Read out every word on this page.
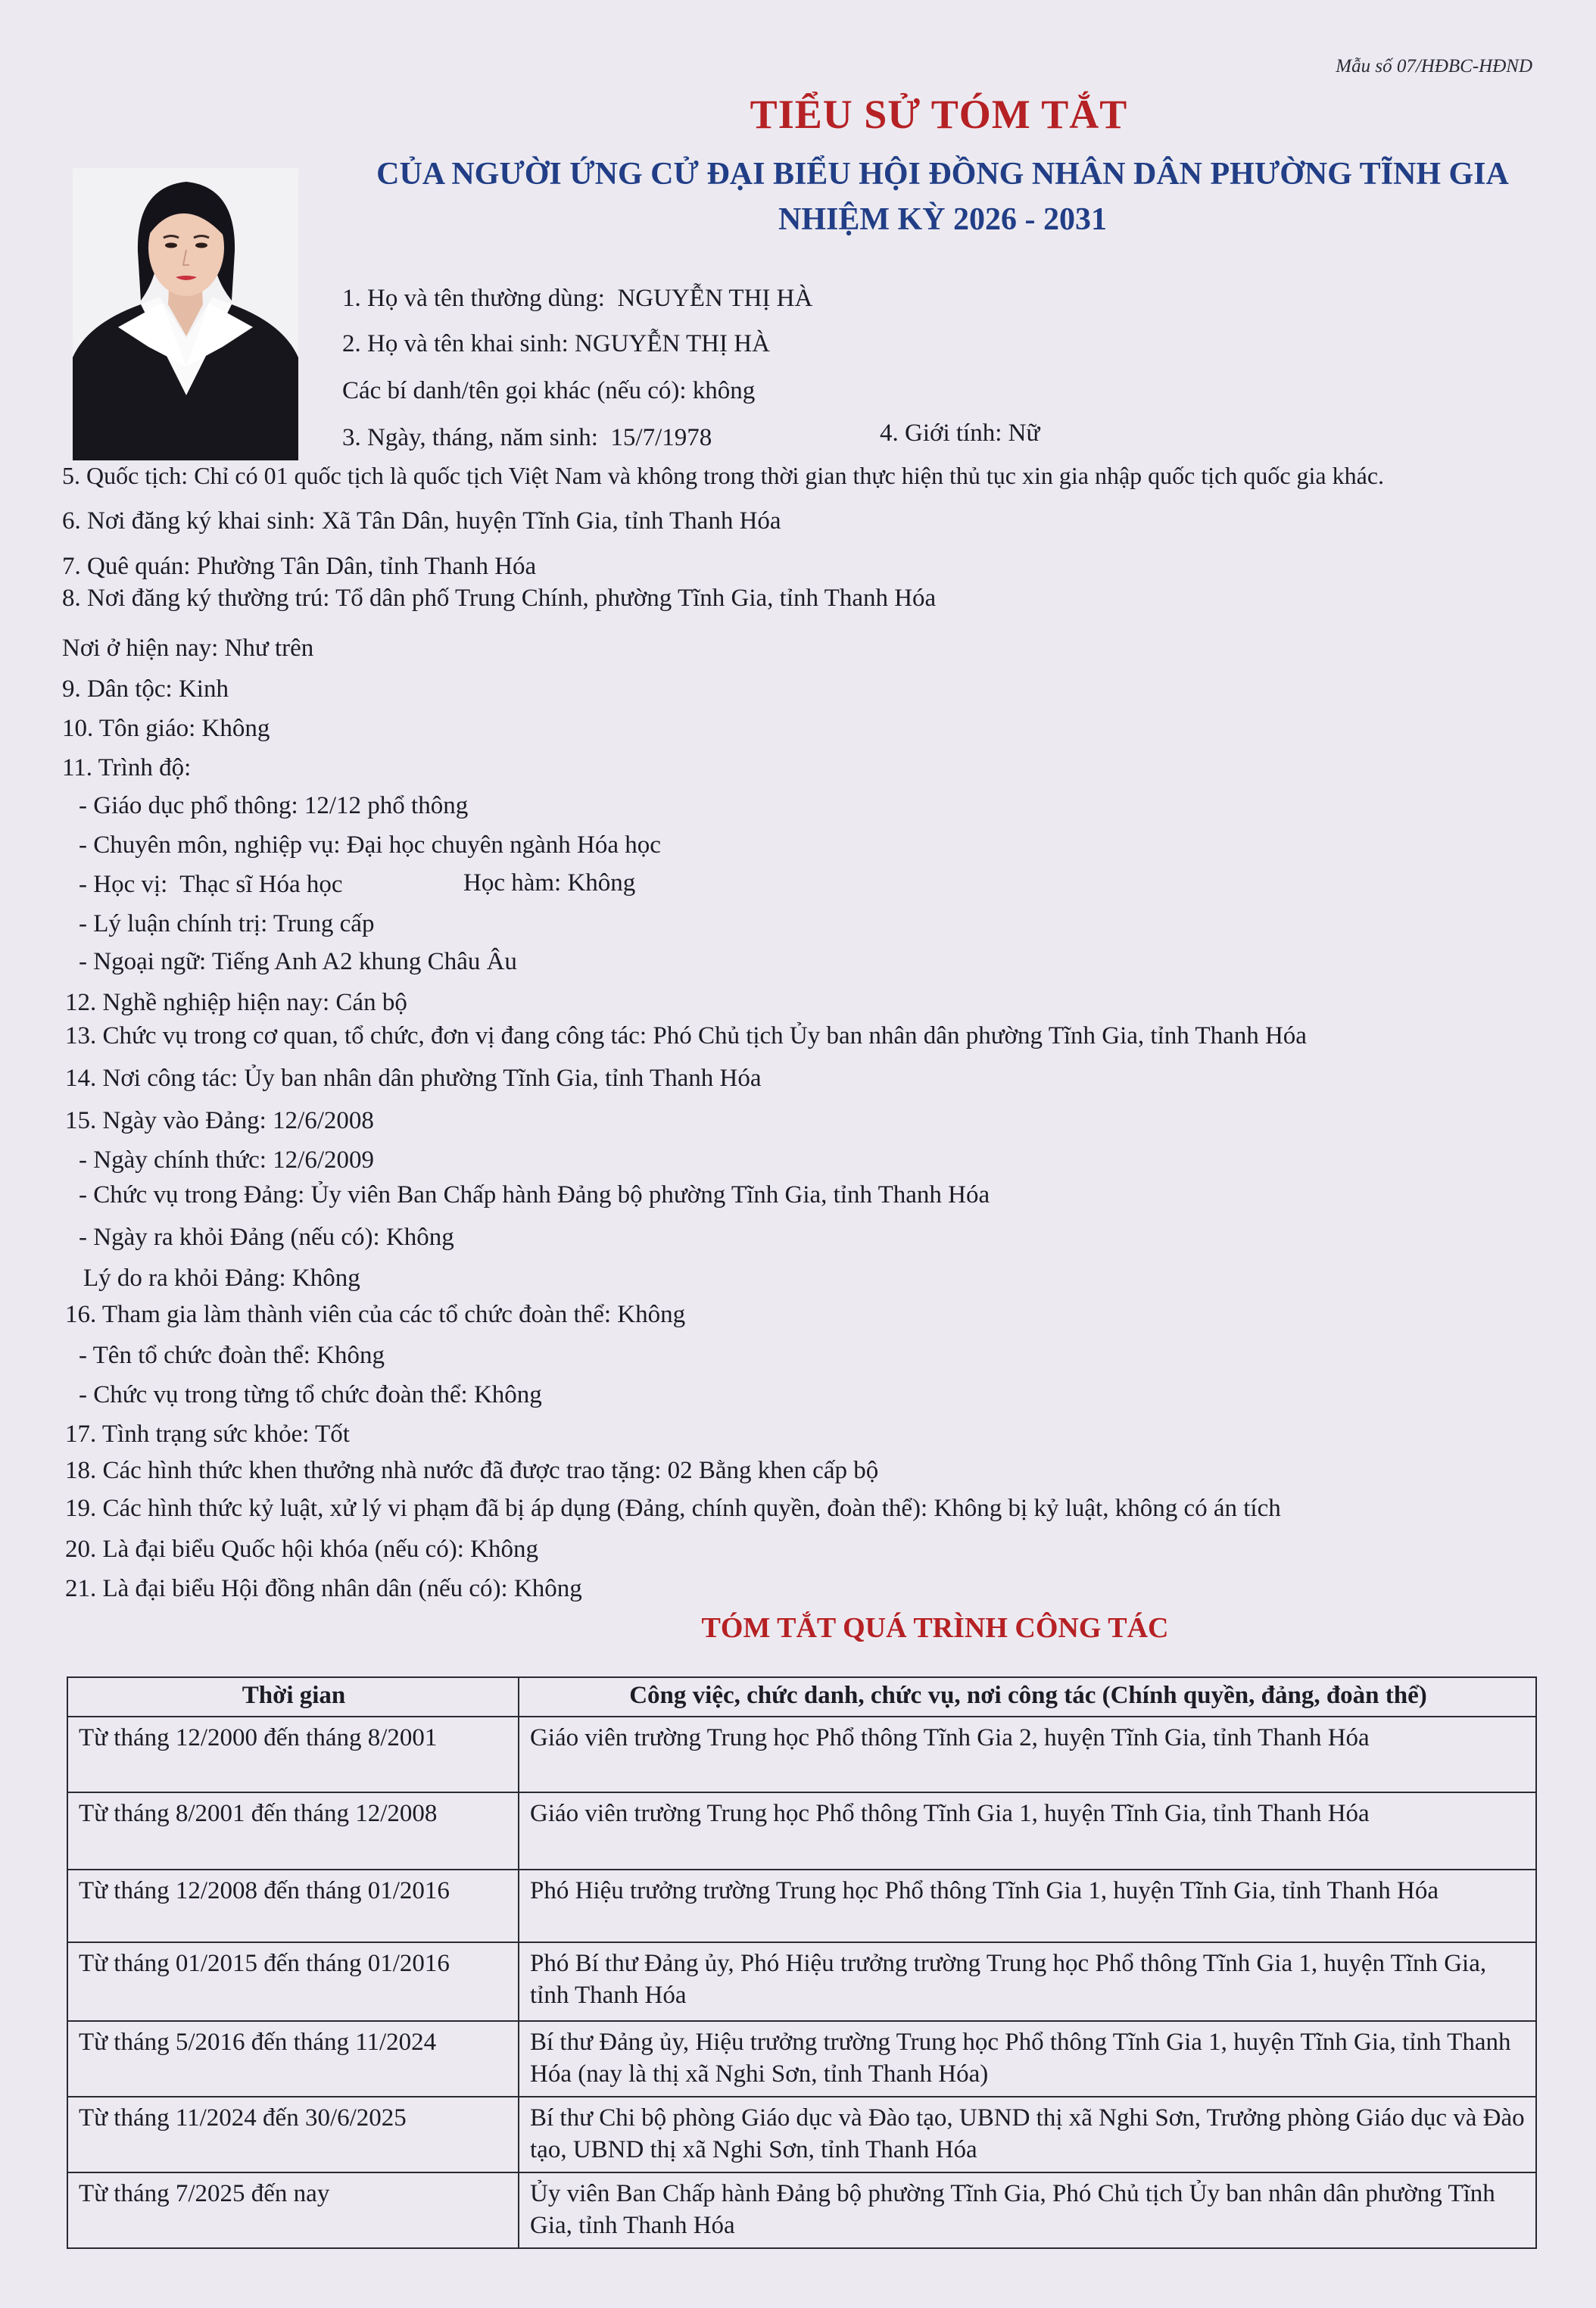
Mẫu số 07/HĐBC-HĐND
TIỂU SỬ TÓM TẮT
CỦA NGƯỜI ỨNG CỬ ĐẠI BIỂU HỘI ĐỒNG NHÂN DÂN PHƯỜNG TĨNH GIA
NHIỆM KỲ 2026 - 2031
1. Họ và tên thường dùng:  NGUYỄN THỊ HÀ
2. Họ và tên khai sinh: NGUYỄN THỊ HÀ
Các bí danh/tên gọi khác (nếu có): không
3. Ngày, tháng, năm sinh:  15/7/1978	4. Giới tính: Nữ
5. Quốc tịch: Chỉ có 01 quốc tịch là quốc tịch Việt Nam và không trong thời gian thực hiện thủ tục xin gia nhập quốc tịch quốc gia khác.
6. Nơi đăng ký khai sinh: Xã Tân Dân, huyện Tĩnh Gia, tỉnh Thanh Hóa
7. Quê quán: Phường Tân Dân, tỉnh Thanh Hóa
8. Nơi đăng ký thường trú: Tổ dân phố Trung Chính, phường Tĩnh Gia, tỉnh Thanh Hóa
Nơi ở hiện nay: Như trên
9. Dân tộc: Kinh
10. Tôn giáo: Không
11. Trình độ:
- Giáo dục phổ thông: 12/12 phổ thông
- Chuyên môn, nghiệp vụ: Đại học chuyên ngành Hóa học
- Học vị:  Thạc sĩ Hóa học	Học hàm: Không
- Lý luận chính trị: Trung cấp
- Ngoại ngữ: Tiếng Anh A2 khung Châu Âu
12. Nghề nghiệp hiện nay: Cán bộ
13. Chức vụ trong cơ quan, tổ chức, đơn vị đang công tác: Phó Chủ tịch Ủy ban nhân dân phường Tĩnh Gia, tỉnh Thanh Hóa
14. Nơi công tác: Ủy ban nhân dân phường Tĩnh Gia, tỉnh Thanh Hóa
15. Ngày vào Đảng: 12/6/2008
- Ngày chính thức: 12/6/2009
- Chức vụ trong Đảng: Ủy viên Ban Chấp hành Đảng bộ phường Tĩnh Gia, tỉnh Thanh Hóa
- Ngày ra khỏi Đảng (nếu có): Không
Lý do ra khỏi Đảng: Không
16. Tham gia làm thành viên của các tổ chức đoàn thể: Không
- Tên tổ chức đoàn thể: Không
- Chức vụ trong từng tổ chức đoàn thể: Không
17. Tình trạng sức khỏe: Tốt
18. Các hình thức khen thưởng nhà nước đã được trao tặng: 02 Bằng khen cấp bộ
19. Các hình thức kỷ luật, xử lý vi phạm đã bị áp dụng (Đảng, chính quyền, đoàn thể): Không bị kỷ luật, không có án tích
20. Là đại biểu Quốc hội khóa (nếu có): Không
21. Là đại biểu Hội đồng nhân dân (nếu có): Không
TÓM TẮT QUÁ TRÌNH CÔNG TÁC
Thời gian	Công việc, chức danh, chức vụ, nơi công tác (Chính quyền, đảng, đoàn thể)
Từ tháng 12/2000 đến tháng 8/2001	Giáo viên trường Trung học Phổ thông Tĩnh Gia 2, huyện Tĩnh Gia, tỉnh Thanh Hóa
Từ tháng 8/2001 đến tháng 12/2008	Giáo viên trường Trung học Phổ thông Tĩnh Gia 1, huyện Tĩnh Gia, tỉnh Thanh Hóa
Từ tháng 12/2008 đến tháng 01/2016	Phó Hiệu trưởng trường Trung học Phổ thông Tĩnh Gia 1, huyện Tĩnh Gia, tỉnh Thanh Hóa
Từ tháng 01/2015 đến tháng 01/2016	Phó Bí thư Đảng ủy, Phó Hiệu trưởng trường Trung học Phổ thông Tĩnh Gia 1, huyện Tĩnh Gia, tỉnh Thanh Hóa
Từ tháng 5/2016 đến tháng 11/2024	Bí thư Đảng ủy, Hiệu trưởng trường Trung học Phổ thông Tĩnh Gia 1, huyện Tĩnh Gia, tỉnh Thanh Hóa (nay là thị xã Nghi Sơn, tỉnh Thanh Hóa)
Từ tháng 11/2024 đến 30/6/2025	Bí thư Chi bộ phòng Giáo dục và Đào tạo, UBND thị xã Nghi Sơn, Trưởng phòng Giáo dục và Đào tạo, UBND thị xã Nghi Sơn, tỉnh Thanh Hóa
Từ tháng 7/2025 đến nay	Ủy viên Ban Chấp hành Đảng bộ phường Tĩnh Gia, Phó Chủ tịch Ủy ban nhân dân phường Tĩnh Gia, tỉnh Thanh Hóa
